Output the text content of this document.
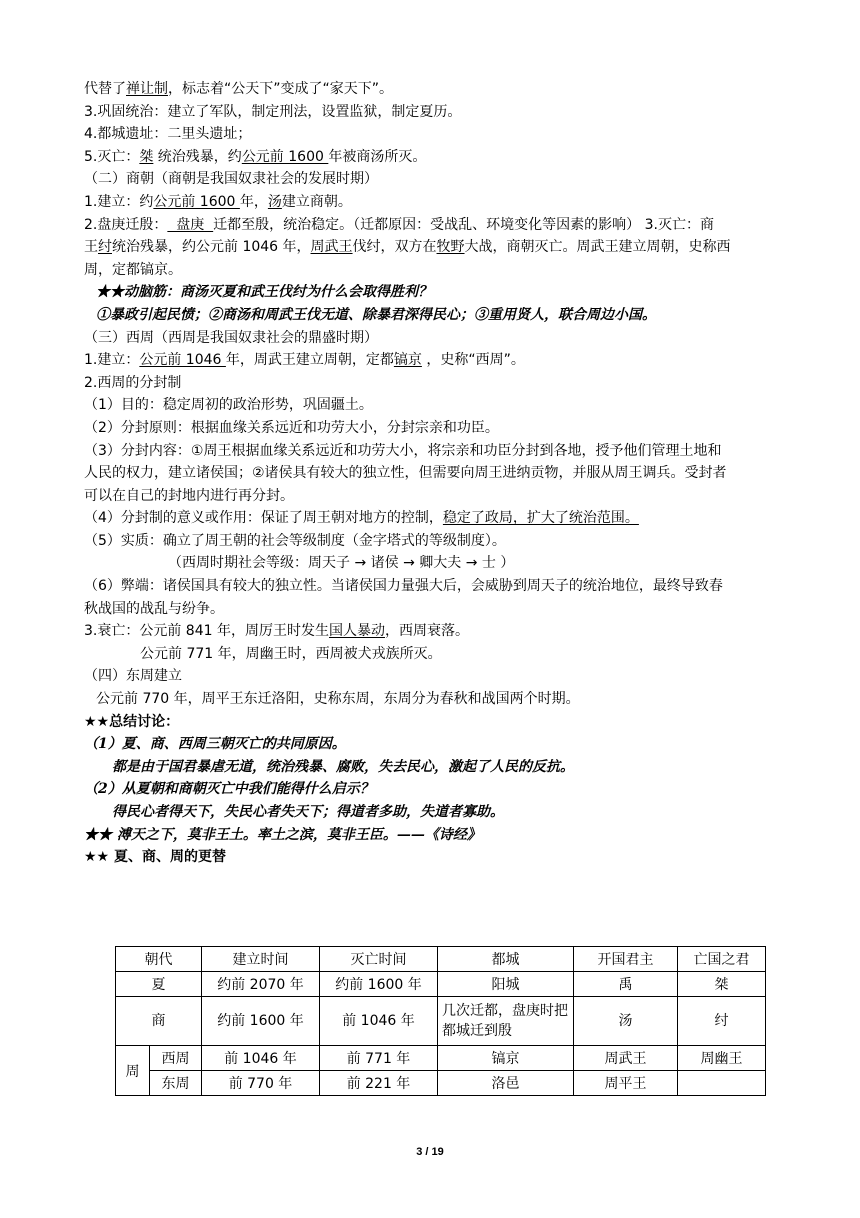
代替了禅让制，标志着“公天下”变成了“家天下”。

3.巩固统治：建立了军队，制定刑法，设置监狱，制定夏历。

4.都城遗址：二里头遗址；

5.灭亡：桀 统治残暴，约公元前 1600 年被商汤所灭。

（二）商朝（商朝是我国奴隶社会的发展时期）

1.建立：约公元前 1600 年，汤建立商朝。

2.盘庚迁殷：  盘庚  迁都至殷，统治稳定。（迁都原因：受战乱、环境变化等因素的影响） 3.灭亡：商

王纣统治残暴，约公元前 1046 年，周武王伐纣，双方在牧野大战，商朝灭亡。周武王建立周朝，史称西

周，定都镐京。

★★动脑筋：商汤灭夏和武王伐纣为什么会取得胜利？

①暴政引起民愤；②商汤和周武王伐无道、除暴君深得民心；③重用贤人，联合周边小国。

（三）西周（西周是我国奴隶社会的鼎盛时期）

1.建立：公元前 1046 年，周武王建立周朝，定都镐京 ，史称“西周”。

2.西周的分封制

（1）目的：稳定周初的政治形势，巩固疆土。

（2）分封原则：根据血缘关系远近和功劳大小，分封宗亲和功臣。

（3）分封内容：①周王根据血缘关系远近和功劳大小，将宗亲和功臣分封到各地，授予他们管理土地和

人民的权力，建立诸侯国；②诸侯具有较大的独立性，但需要向周王进纳贡物，并服从周王调兵。受封者

可以在自己的封地内进行再分封。

（4）分封制的意义或作用：保证了周王朝对地方的控制，稳定了政局，扩大了统治范围。

（5）实质：确立了周王朝的社会等级制度（金字塔式的等级制度）。

（西周时期社会等级：周天子 → 诸侯 → 卿大夫 → 士 ）

（6）弊端：诸侯国具有较大的独立性。当诸侯国力量强大后，会威胁到周天子的统治地位，最终导致春

秋战国的战乱与纷争。

3.衰亡：公元前 841 年，周厉王时发生国人暴动，西周衰落。

公元前 771 年，周幽王时，西周被犬戎族所灭。

（四）东周建立

公元前 770 年，周平王东迁洛阳，史称东周，东周分为春秋和战国两个时期。

★★总结讨论：

（1）夏、商、西周三朝灭亡的共同原因。

都是由于国君暴虐无道，统治残暴、腐败，失去民心，激起了人民的反抗。

（2）从夏朝和商朝灭亡中我们能得什么启示？

得民心者得天下，失民心者失天下；得道者多助，失道者寡助。

★★ 溥天之下，莫非王土。率土之滨，莫非王臣。——《诗经》

★★ 夏、商、周的更替

朝代		建立时间	灭亡时间	都城	开国君主	亡国之君
夏		约前 2070 年	约前 1600 年	阳城	禹	桀
商		约前 1600 年	前 1046 年	几次迁都，盘庚时把都城迁到殷	汤	纣
周	西周	前 1046 年	前 771 年	镐京	周武王	周幽王
	东周	前 770 年	前 221 年	洛邑	周平王	
3 / 19
